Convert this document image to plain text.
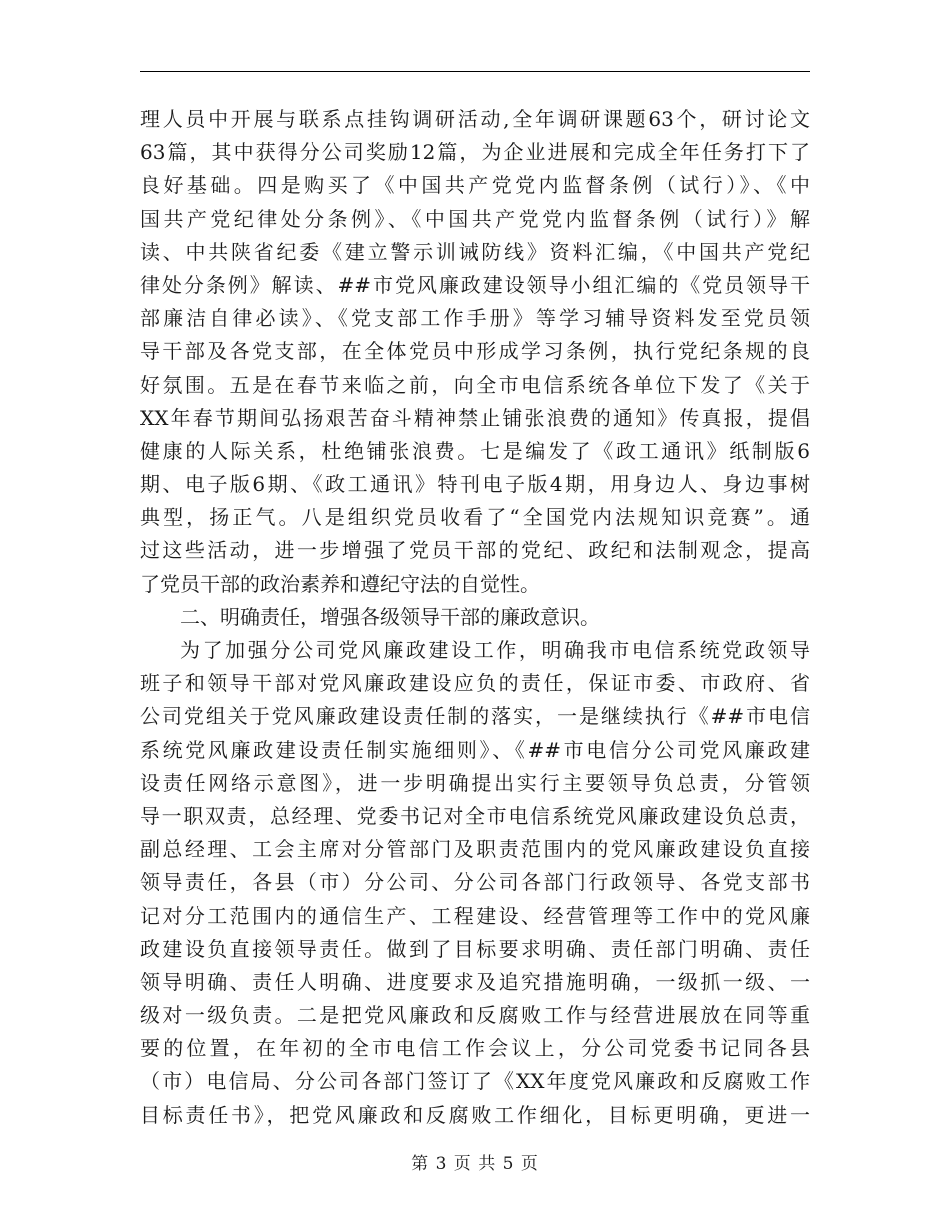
理人员中开展与联系点挂钩调研活动,全年调研课题63个，研讨论文
63篇，其中获得分公司奖励12篇，为企业进展和完成全年任务打下了
良好基础。四是购买了《中国共产党党内监督条例（试行）》、《中
国共产党纪律处分条例》、《中国共产党党内监督条例（试行）》解
读、中共陕省纪委《建立警示训诫防线》资料汇编，《中国共产党纪
律处分条例》解读、##市党风廉政建设领导小组汇编的《党员领导干
部廉洁自律必读》、《党支部工作手册》等学习辅导资料发至党员领
导干部及各党支部，在全体党员中形成学习条例，执行党纪条规的良
好氛围。五是在春节来临之前，向全市电信系统各单位下发了《关于
XX年春节期间弘扬艰苦奋斗精神禁止铺张浪费的通知》传真报，提倡
健康的人际关系，杜绝铺张浪费。七是编发了《政工通讯》纸制版6
期、电子版6期、《政工通讯》特刊电子版4期，用身边人、身边事树
典型，扬正气。八是组织党员收看了“全国党内法规知识竞赛”。通
过这些活动，进一步增强了党员干部的党纪、政纪和法制观念，提高
了党员干部的政治素养和遵纪守法的自觉性。
二、明确责任，增强各级领导干部的廉政意识。
为了加强分公司党风廉政建设工作，明确我市电信系统党政领导
班子和领导干部对党风廉政建设应负的责任，保证市委、市政府、省
公司党组关于党风廉政建设责任制的落实，一是继续执行《##市电信
系统党风廉政建设责任制实施细则》、《##市电信分公司党风廉政建
设责任网络示意图》，进一步明确提出实行主要领导负总责，分管领
导一职双责，总经理、党委书记对全市电信系统党风廉政建设负总责，
副总经理、工会主席对分管部门及职责范围内的党风廉政建设负直接
领导责任，各县（市）分公司、分公司各部门行政领导、各党支部书
记对分工范围内的通信生产、工程建设、经营管理等工作中的党风廉
政建设负直接领导责任。做到了目标要求明确、责任部门明确、责任
领导明确、责任人明确、进度要求及追究措施明确，一级抓一级、一
级对一级负责。二是把党风廉政和反腐败工作与经营进展放在同等重
要的位置，在年初的全市电信工作会议上，分公司党委书记同各县
（市）电信局、分公司各部门签订了《XX年度党风廉政和反腐败工作
目标责任书》，把党风廉政和反腐败工作细化，目标更明确，更进一
第 3 页 共 5 页
